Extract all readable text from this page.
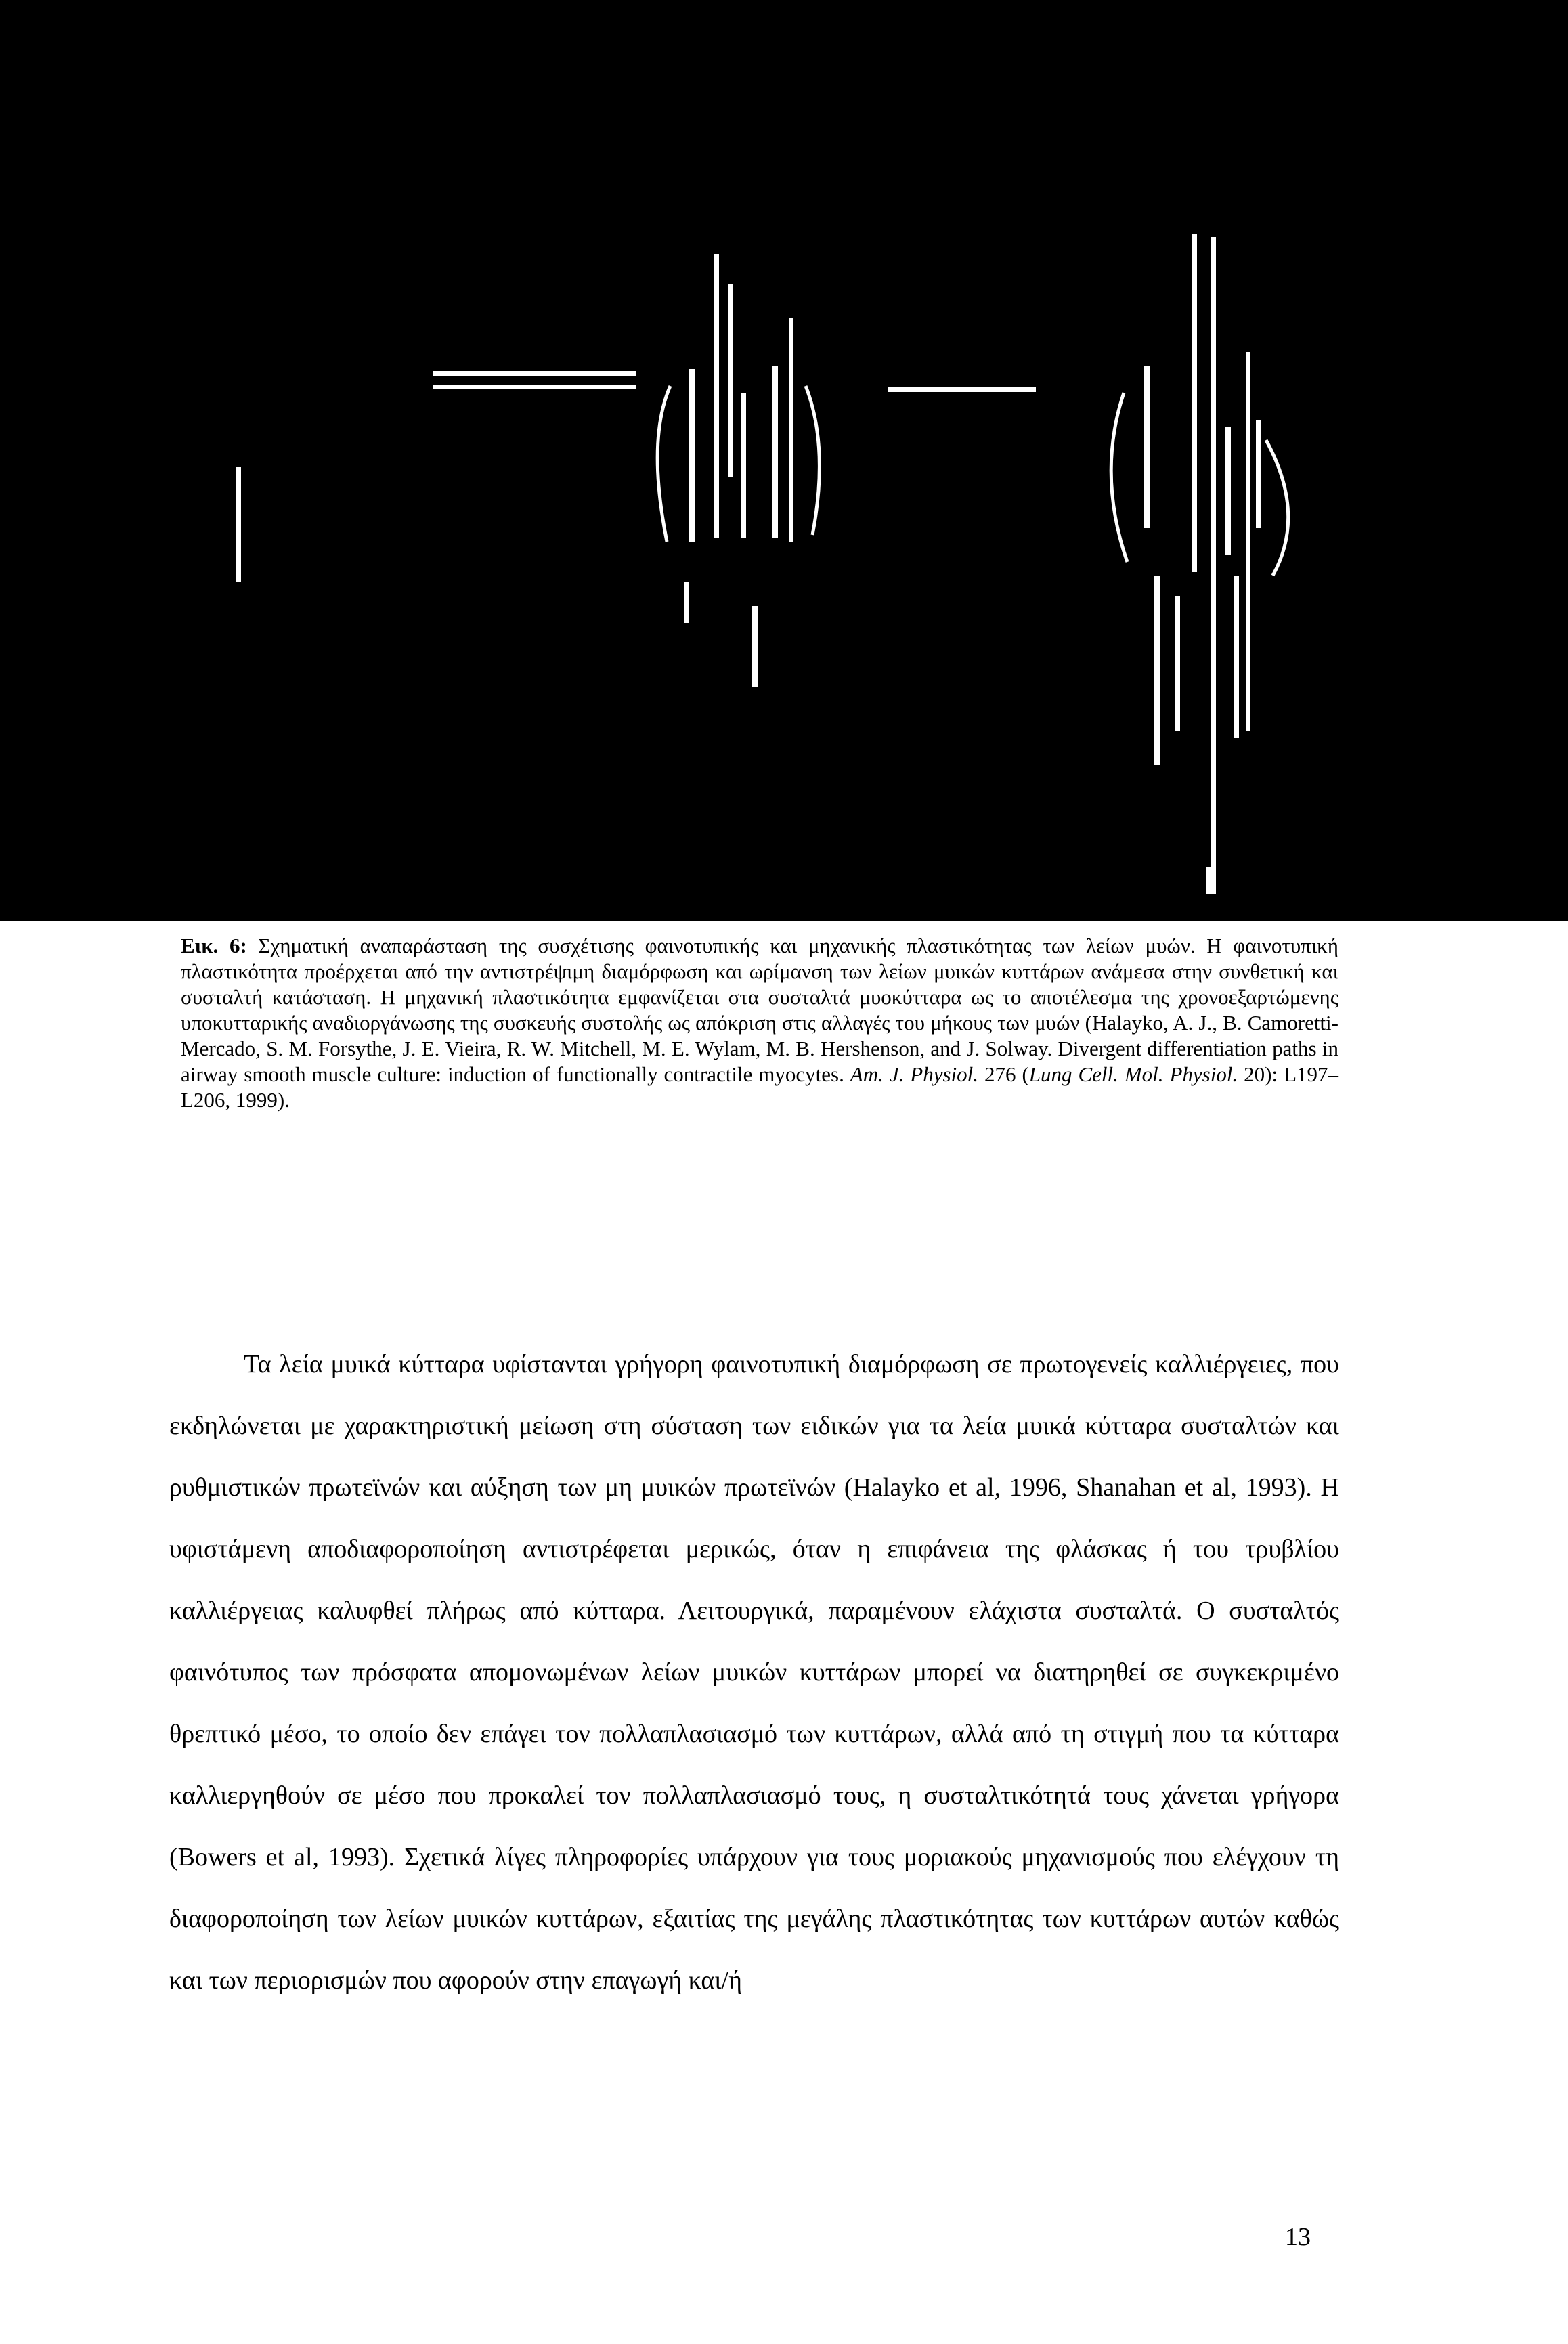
Εικ. 6: Σχηματική αναπαράσταση της συσχέτισης φαινοτυπικής και μηχανικής πλαστικότητας των λείων μυών. Η φαινοτυπική πλαστικότητα προέρχεται από την αντιστρέψιμη διαμόρφωση και ωρίμανση των λείων μυικών κυττάρων ανάμεσα στην συνθετική και συσταλτή κατάσταση. Η μηχανική πλαστικότητα εμφανίζεται στα συσταλτά μυοκύτταρα ως το αποτέλεσμα της χρονοεξαρτώμενης υποκυτταρικής αναδιοργάνωσης της συσκευής συστολής ως απόκριση στις αλλαγές του μήκους των μυών (Halayko, A. J., B. Camoretti-Mercado, S. M. Forsythe, J. E. Vieira, R. W. Mitchell, M. E. Wylam, M. B. Hershenson, and J. Solway. Divergent differentiation paths in airway smooth muscle culture: induction of functionally contractile myocytes. Am. J. Physiol. 276 (Lung Cell. Mol. Physiol. 20): L197–L206, 1999).

Τα λεία μυικά κύτταρα υφίστανται γρήγορη φαινοτυπική διαμόρφωση σε πρωτογενείς καλλιέργειες, που εκδηλώνεται με χαρακτηριστική μείωση στη σύσταση των ειδικών για τα λεία μυικά κύτταρα συσταλτών και ρυθμιστικών πρωτεϊνών και αύξηση των μη μυικών πρωτεϊνών (Halayko et al, 1996, Shanahan et al, 1993). Η υφιστάμενη αποδιαφοροποίηση αντιστρέφεται μερικώς, όταν η επιφάνεια της φλάσκας ή του τρυβλίου καλλιέργειας καλυφθεί πλήρως από κύτταρα. Λειτουργικά, παραμένουν ελάχιστα συσταλτά. Ο συσταλτός φαινότυπος των πρόσφατα απομονωμένων λείων μυικών κυττάρων μπορεί να διατηρηθεί σε συγκεκριμένο θρεπτικό μέσο, το οποίο δεν επάγει τον πολλαπλασιασμό των κυττάρων, αλλά από τη στιγμή που τα κύτταρα καλλιεργηθούν σε μέσο που προκαλεί τον πολλαπλασιασμό τους, η συσταλτικότητά τους χάνεται γρήγορα (Bowers et al, 1993). Σχετικά λίγες πληροφορίες υπάρχουν για τους μοριακούς μηχανισμούς που ελέγχουν τη διαφοροποίηση των λείων μυικών κυττάρων, εξαιτίας της μεγάλης πλαστικότητας των κυττάρων αυτών καθώς και των περιορισμών που αφορούν στην επαγωγή και/ή

13
